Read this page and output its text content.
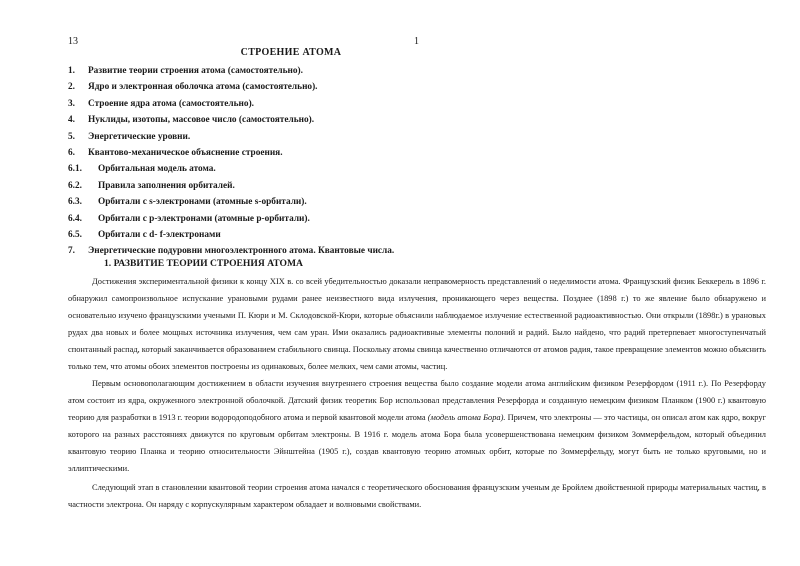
13	1
СТРОЕНИЕ АТОМА
1. Развитие теории строения атома (самостоятельно).
2. Ядро и электронная оболочка атома (самостоятельно).
3. Строение ядра атома (самостоятельно).
4. Нуклиды, изотопы, массовое число (самостоятельно).
5. Энергетические уровни.
6. Квантово-механическое объяснение строения.
6.1. Орбитальная модель атома.
6.2. Правила заполнения орбиталей.
6.3. Орбитали с s-электронами (атомные s-орбитали).
6.4. Орбитали с р-электронами (атомные р-орбитали).
6.5. Орбитали с d- f-электронами
7. Энергетические подуровни многоэлектронного атома. Квантовые числа.
1. РАЗВИТИЕ ТЕОРИИ СТРОЕНИЯ АТОМА

Достижения экспериментальной физики к концу XIX в. со всей убедительностью доказали неправомерность представлений о неделимости атома. Французский физик Беккерель в 1896 г. обнаружил самопроизвольное испускание урановыми рудами ранее неизвестного вида излучения, проникающего через вещества. Позднее (1898 г.) то же явление было обнаружено и основательно изучено французскими учеными П. Кюри и М. Склодовской-Кюри, которые объяснили наблюдаемое излучение естественной радиоактивностью. Они открыли (1898г.) в урановых рудах два новых и более мощных источника излучения, чем сам уран. Ими оказались радиоактивные элементы полоний и радий. Было найдено, что радий претерпевает многоступенчатый спонтанный распад, который заканчивается образованием стабильного свинца. Поскольку атомы свинца качественно отличаются от атомов радия, такое превращение элементов можно объяснить только тем, что атомы обоих элементов построены из одинаковых, более мелких, чем сами атомы, частиц.

Первым основополагающим достижением в области изучения внутреннего строения вещества было создание модели атома английским физиком Резерфордом (1911 г.). По Резерфорду атом состоит из ядра, окруженного электронной оболочкой. Датский физик теоретик Бор использовал представления Резерфорда и созданную немецким физиком Планком (1900 г.) квантовую теорию для разработки в 1913 г. теории водородоподобного атома и первой квантовой модели атома (модель атома Бора). Причем, что электроны — это частицы, он описал атом как ядро, вокруг которого на разных расстояниях движутся по круговым орбитам электроны. В 1916 г. модель атома Бора была усовершенствована немецким физиком Зоммерфельдом, который объединил квантовую теорию Планка и теорию относительности Эйнштейна (1905 г.), создав квантовую теорию атомных орбит, которые по Зоммерфельду, могут быть не только круговыми, но и эллиптическими.

Следующий этап в становлении квантовой теории строения атома начался с теоретического обоснования французским ученым де Бройлем двойственной природы материальных частиц, в частности электрона. Он наряду с корпускулярным характером обладает и волновыми свойствами.
